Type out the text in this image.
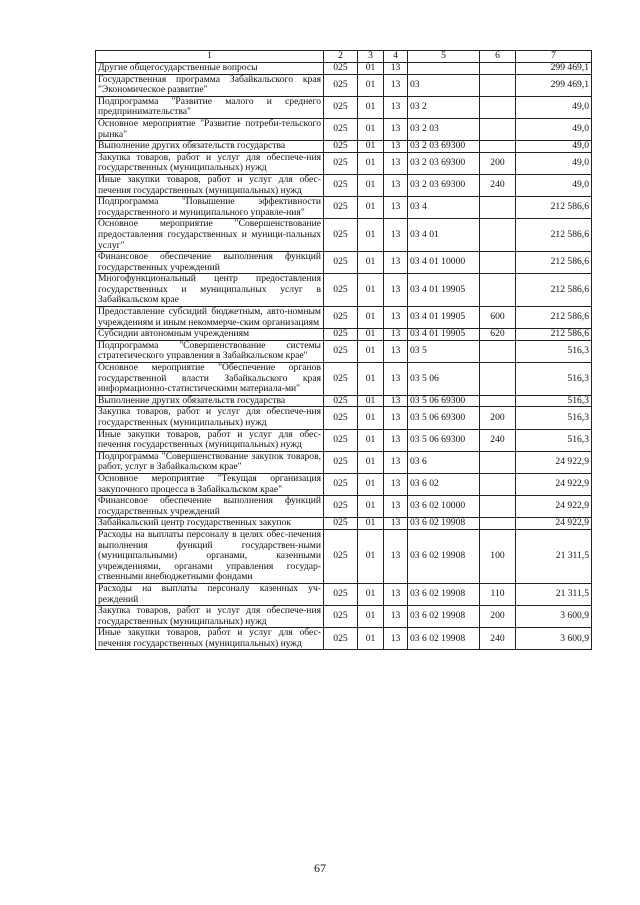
1	2	3	4	5	6	7
Другие общегосударственные вопросы	025	01	13			299 469,1
Государственная программа Забайкальского края "Экономическое развитие"	025	01	13	03		299 469,1
Подпрограмма "Развитие малого и среднего предпринимательства"	025	01	13	03 2		49,0
Основное мероприятие "Развитие потреби-тельского рынка"	025	01	13	03 2 03		49,0
Выполнение других обязательств государства	025	01	13	03 2 03 69300		49,0
Закупка товаров, работ и услуг для обеспече-ния государственных (муниципальных) нужд	025	01	13	03 2 03 69300	200	49,0
Иные закупки товаров, работ и услуг для обес-печения государственных (муниципальных) нужд	025	01	13	03 2 03 69300	240	49,0
Подпрограмма "Повышение эффективности государственного и муниципального управле-ния"	025	01	13	03 4		212 586,6
Основное мероприятие "Совершенствование предоставления государственных и муници-пальных услуг"	025	01	13	03 4 01		212 586,6
Финансовое обеспечение выполнения функций государственных учреждений	025	01	13	03 4 01 10000		212 586,6
Многофункциональный центр предоставления государственных и муниципальных услуг в Забайкальском крае	025	01	13	03 4 01 19905		212 586,6
Предоставление субсидий бюджетным, авто-номным учреждениям и иным некоммерче-ским организациям	025	01	13	03 4 01 19905	600	212 586,6
Субсидии автономным учреждениям	025	01	13	03 4 01 19905	620	212 586,6
Подпрограмма "Совершенствование системы стратегического управления в Забайкальском крае"	025	01	13	03 5		516,3
Основное мероприятие "Обеспечение органов государственной власти Забайкальского края информационно-статистическими материала-ми"	025	01	13	03 5 06		516,3
Выполнение других обязательств государства	025	01	13	03 5 06 69300		516,3
Закупка товаров, работ и услуг для обеспече-ния государственных (муниципальных) нужд	025	01	13	03 5 06 69300	200	516,3
Иные закупки товаров, работ и услуг для обес-печения государственных (муниципальных) нужд	025	01	13	03 5 06 69300	240	516,3
Подпрограмма "Совершенствование закупок товаров, работ, услуг в Забайкальском крае"	025	01	13	03 6		24 922,9
Основное мероприятие "Текущая организация закупочного процесса в Забайкальском крае"	025	01	13	03 6 02		24 922,9
Финансовое обеспечение выполнения функций государственных учреждений	025	01	13	03 6 02 10000		24 922,9
Забайкальский центр государственных закупок	025	01	13	03 6 02 19908		24 922,9
Расходы на выплаты персоналу в целях обес-печения выполнения функций государствен-ными (муниципальными) органами, казенными учреждениями, органами управления государ-ственными внебюджетными фондами	025	01	13	03 6 02 19908	100	21 311,5
Расходы на выплаты персоналу казенных уч-реждений	025	01	13	03 6 02 19908	110	21 311,5
Закупка товаров, работ и услуг для обеспече-ния государственных (муниципальных) нужд	025	01	13	03 6 02 19908	200	3 600,9
Иные закупки товаров, работ и услуг для обес-печения государственных (муниципальных) нужд	025	01	13	03 6 02 19908	240	3 600,9
67
